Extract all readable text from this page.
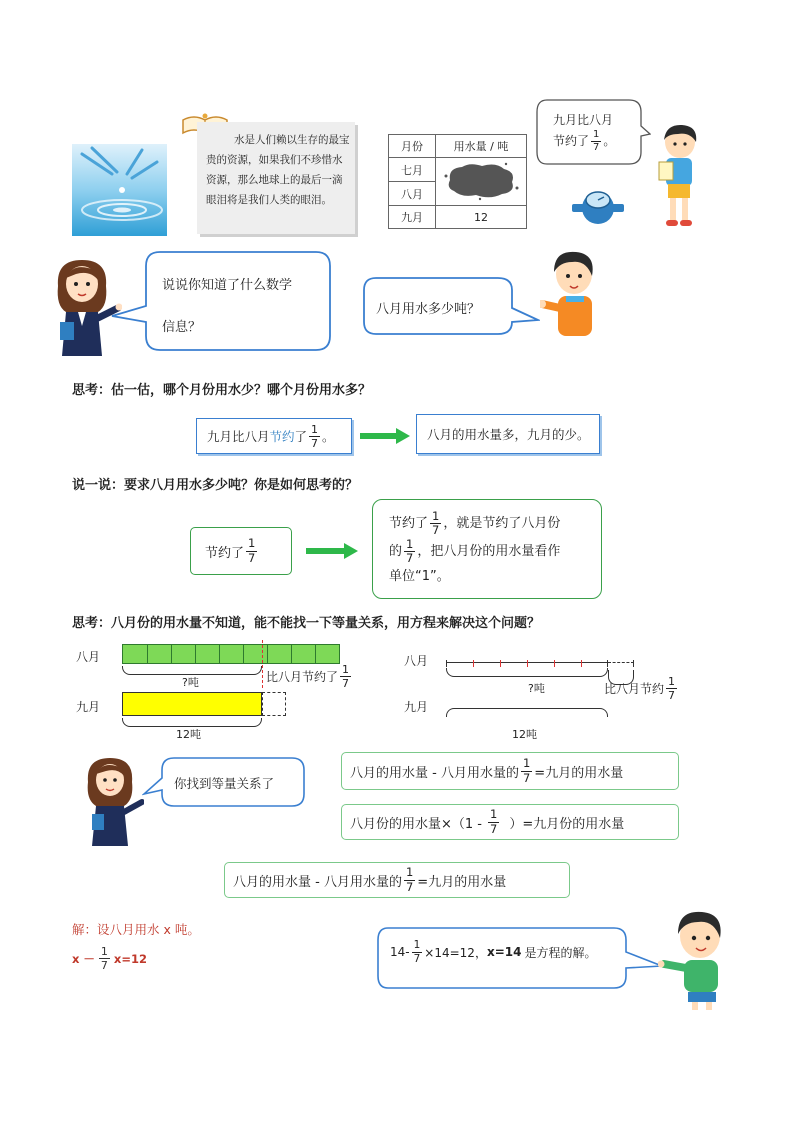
水是人们赖以生存的最宝贵的资源，如果我们不珍惜水资源，那么地球上的最后一滴眼泪将是我们人类的眼泪。
月份	用水量 / 吨
七月	
八月	
九月	12
九月比八月
节约了 $\frac{1}{7}$ 。
说说你知道了什么数学
信息？
八月用水多少吨？
思考：估一估，哪个月份用水少？哪个月份用水多？
九月比八月 节约 了 $\frac{1}{7}$ 。	八月的用水量多，九月的少。
说一说：要求八月用水多少吨？你是如何思考的？
节约了 $\frac{1}{7}$
节约了 $\frac{1}{7}$ ，就是节约了八月份
的 $\frac{1}{7}$ ，把八月份的用水量看作
单位“1”。
思考：八月份的用水量不知道，能不能找一下等量关系，用方程来解决这个问题？
八月
?吨	比八月节约了 $\frac{1}{7}$
九月
12吨
八月
?吨	比八月节约 $\frac{1}{7}$
九月
12吨
你找到等量关系了
八月的用水量 - 八月用水量的 $\frac{1}{7}$ =九月的用水量
八月份的用水量$\times(1 - \frac{1}{7}$ ）=九月份的用水量
八月的用水量 - 八月用水量的 $\frac{1}{7}$ =九月的用水量
解：设八月用水 x 吨。
$x - \frac{1}{7} x=12$	$14- \frac{1}{7} \times 14=12$， x=14 是方程的解。
